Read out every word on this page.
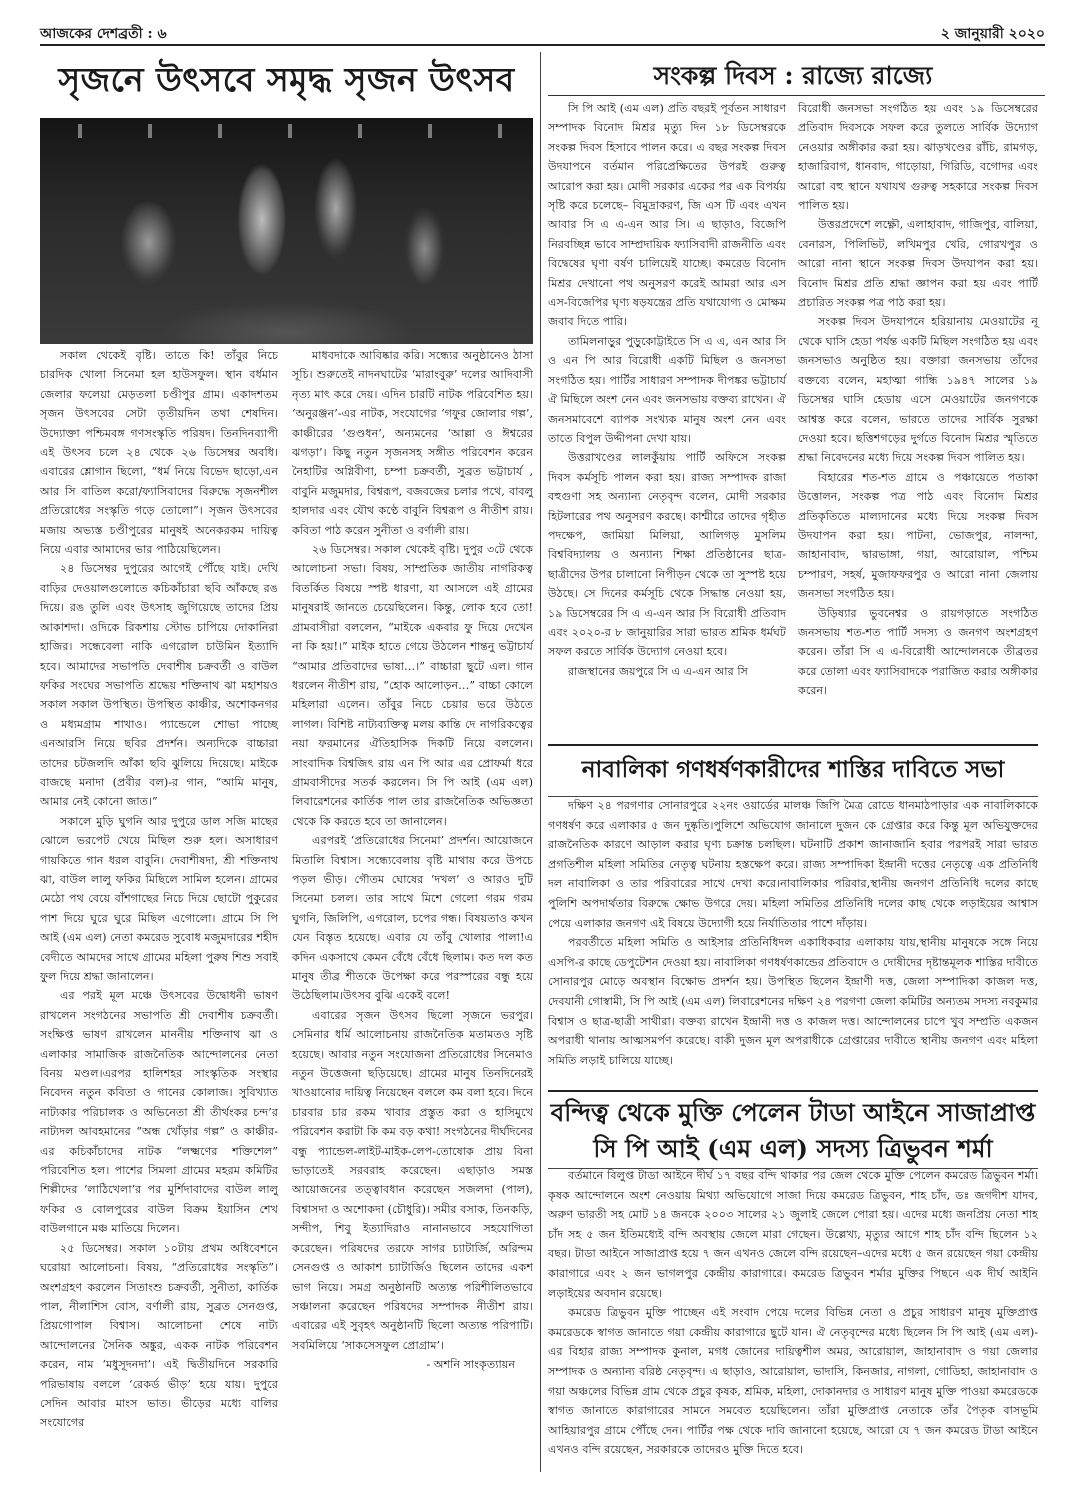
আজকের দেশব্রতী : ৬	২ জানুয়ারী ২০২০
সৃজনে উৎসবে সমৃদ্ধ সৃজন উৎসব

সকাল থেকেই বৃষ্টি। তাতে কি! তাঁবুর নিচে চারদিক খোলা সিনেমা হল হাউসফুল। স্থান বর্ধমান জেলার ফলেয়া মেড়তলা চণ্ডীপুর গ্রাম। একাদশতম সৃজন উৎসবের সেটা তৃতীয়দিন তথা শেষদিন। উদ্যোক্তা পশ্চিমবঙ্গ গণসংস্কৃতি পরিষদ। তিনদিনব্যাপী এই উৎসব চলে ২৪ থেকে ২৬ ডিসেম্বর অবধি। এবারের শ্লোগান ছিলো, “ধর্ম নিয়ে বিভেদ ছাড়ো,এন আর সি বাতিল করো/ফ্যাসিবাদের বিরুদ্ধে সৃজনশীল প্রতিরোধের সংস্কৃতি গড়ে তোলো”। সৃজন উৎসবের মজায় অভ্যস্ত চণ্ডীপুরের মানুষই অনেকরকম দায়িত্ব নিয়ে এবার আমাদের ভার পাঠিয়েছিলেন।

২৪ ডিসেম্বর দুপুরের আগেই পৌঁছে যাই। দেখি বাড়ির দেওয়ালগুলোতে কচিকাঁচারা ছবি আঁকছে রঙ দিয়ে। রঙ তুলি এবং উৎসাহ জুগিয়েছে তাদের প্রিয় আকাশদা। ওদিকে রিকশায় স্টোভ চাপিয়ে দোকানিরা হাজির। সন্ধেবেলা নাকি এগরোল চাউমিন ইত্যাদি হবে। আমাদের সভাপতি দেবাশীষ চক্রবর্তী ও বাউল ফকির সংঘের সভাপতি শ্রদ্ধেয় শক্তিনাথ ঝা মহাশয়ও সকাল সকাল উপস্থিত। উপস্থিত কাঞ্চীর, অশোকনগর ও মধ্যমগ্রাম শাখাও। প্যান্ডেলে শোভা পাচ্ছে এনআরসি নিয়ে ছবির প্রদর্শন। অন্যদিকে বাচ্চারা তাদের চটজলদি আঁকা ছবি ঝুলিয়ে দিয়েছে। মাইকে বাজছে মনাদা (প্রবীর বল)-র গান, “আমি মানুষ, আমার নেই কোনো জাত।”

সকালে মুড়ি ঘুগনি আর দুপুরে ডাল সজি মাছের ঝোলে ভরপেট খেয়ে মিছিল শুরু হল। অসাধারণ গায়কিতে গান ধরল বাবুনি। দেবাশীষদা, শ্রী শক্তিনাথ ঝা, বাউল লালু ফকির মিছিলে সামিল হলেন। গ্রামের মেঠো পথ বেয়ে বাঁশগাছের নিচে দিয়ে ছোটো পুকুরের পাশ দিয়ে ঘুরে ঘুরে মিছিল এগোলো। গ্রামে সি পি আই (এম এল) নেতা কমরেড সুবোধ মজুমদারের শহীদ বেদীতে আমদের সাথে গ্রামের মহিলা পুরুষ শিশু সবাই ফুল দিয়ে শ্রদ্ধা জানালেন।

এর পরই মূল মঞ্চে উৎসবের উদ্বোধনী ভাষণ রাখলেন সংগঠনের সভাপতি শ্রী দেবাশীষ চক্রবর্তী। সংক্ষিপ্ত ভাষণ রাখলেন মাননীয় শক্তিনাথ ঝা ও এলাকার সামাজিক রাজনৈতিক আন্দোলনের নেতা বিনয় মণ্ডল।এরপর হালিশহর সাংস্কৃতিক সংস্থার নিবেদন নতুন কবিতা ও গানের কোলাজ। সুবিখ্যাত নাট্যকার পরিচালক ও অভিনেতা শ্রী তীর্থংকর চন্দ’র নাট্যদল আবহমানের “অন্ধ খোঁড়ার গল্প” ও কাঞ্চীর-এর কচিকাঁচাদের নাটক “লক্ষ্মণের শক্তিশেল” পরিবেশিত হল। পাশের সিমলা গ্রামের মহরম কমিটির শিল্পীদের ‘লাঠিখেলা’র পর মুর্শিদাবাদের বাউল লালু ফকির ও বোলপুরের বাউল বিক্রম ইয়াসিন শেখ বাউলগানে মঞ্চ মাতিয়ে দিলেন।

২৫ ডিসেম্বর। সকাল ১০টায় প্রথম অধিবেশনে ঘরোয়া আলোচনা। বিষয়, “প্রতিরোধের সংস্কৃতি”। অংশগ্রহণ করলেন সিতাংশু চক্রবর্তী, সুনীতা, কার্তিক পাল, নীলাশিস বোস, বর্ণালী রায়, সুব্রত সেনগুপ্ত, প্রিয়গোপাল বিশ্বাস। আলোচনা শেষে নাট্য আন্দোলনের সৈনিক অঙ্কুর, একক নাটক পরিবেশন করেন, নাম ‘মধুসূদনদা’। এই দ্বিতীয়দিনে সরকারি পরিভাষায় বললে ‘রেকর্ড ভীড়’ হয়ে যায়। দুপুরে সেদিন আবার মাংস ভাত। ভীড়ের মধ্যে বালির সংযোগের

মাধবদাকে আবিষ্কার করি। সন্ধ্যের অনুষ্ঠানেও ঠাসা সূচি। শুরুতেই নাদনঘাটের ‘মারাংবুরু’ দলের আদিবাসী নৃত্য মাৎ করে দেয়। এদিন চারটি নাটক পরিবেশিত হয়। ‘অনুরঞ্জন’-এর নাটক, সংযোগের ‘গফুর জোলার গল্প’, কাঞ্চীরের ‘গুণ্ডধন’, অন্যমনের ‘আল্লা ও ঈশ্বরের ঝগড়া’। কিছু নতুন সৃজনসহ সঙ্গীত পরিবেশন করেন নৈহাটির অগ্নিবীণা, চম্পা চক্রবর্তী, সুব্রত ভট্টাচার্য , বাবুনি মজুমদার, বিশ্বরূপ, বজবজের চলার পথে, বাবলু হালদার এবং যৌথ কণ্ঠে বাবুনি বিশ্বরূপ ও নীতীশ রায়। কবিতা পাঠ করেন সুনীতা ও বর্ণালী রায়।

২৬ ডিসেম্বর। সকাল থেকেই বৃষ্টি। দুপুর ৩টে থেকে আলোচনা সভা। বিষয়, সাম্প্রতিক জাতীয় নাগরিকত্ব বিতর্কিত বিষয়ে স্পষ্ট ধারণা, যা আসলে এই গ্রামের মানুষরাই জানতে চেয়েছিলেন। কিন্তু, লোক হবে তো! গ্রামবাসীরা বললেন, “মাইকে একবার ফু দিয়ে দেখেন না কি হয়!।” মাইক হাতে গেয়ে উঠলেন শান্তনু ভট্টাচার্য “আমার প্রতিবাদের ভাষা…।” বাচ্চারা ছুটে এল। গান ধরলেন নীতীশ রায়, “হোক আলোড়ন…” বাচ্চা কোলে মহিলারা এলেন। তাঁবুর নিচে চেয়ার ভরে উঠতে লাগল। বিশিষ্ট নাট্যব্যক্তিত্ব মলয় কান্তি দে নাগরিকত্বের নয়া ফরমানের ঐতিহাসিক দিকটি নিয়ে বললেন। সাংবাদিক বিশ্বজিৎ রায় এন পি আর এর প্রোফর্মা ধরে গ্রামবাসীদের সতর্ক করলেন। সি পি আই (এম এল) লিবারেশনের কার্তিক পাল তার রাজনৈতিক অভিজ্ঞতা থেকে কি করতে হবে তা জানালেন।

এরপরই ‘প্রতিরোধের সিনেমা’ প্রদর্শন। আয়োজনে মিতালি বিশ্বাস। সন্ধ্যেবেলায় বৃষ্টি মাথায় করে উপচে পড়ল ভীড়। গৌতম ঘোষের ‘দখল’ ও আরও দুটি সিনেমা চলল। তার সাথে মিশে গেলো গরম গরম ঘুগনি, জিলিপি, এগরোল, চপের গন্ধ। বিষয়তাও কখন যেন বিস্তৃত হয়েছে। এবার যে তাঁবু খোলার পালা!এ কদিন একসাথে কেমন বেঁধে বেঁধে ছিলাম। কত দল কত মানুষ তীব্র শীতকে উপেক্ষা করে পরস্পরের বন্ধু হয়ে উঠেছিলাম।উৎসব বুঝি একেই বলে!

এবারের সৃজন উৎসব ছিলো সৃজনে ভরপুর। সেমিনার ধর্মি আলোচনায় রাজনৈতিক মতামতও সৃষ্টি হয়েছে। আবার নতুন সংযোজনা প্রতিরোধের সিনেমাও নতুন উত্তেজনা ছড়িয়েছে। গ্রামের মানুষ তিনদিনেরই খাওয়ানোর দায়িত্ব নিয়েছেন বললে কম বলা হবে। দিনে চারবার চার রকম খাবার প্রস্তুত করা ও হাসিমুখে পরিবেশন করাটা কি কম বড় কথা! সংগঠনের দীর্ঘদিনের বন্ধু প্যান্ডেল-লাইট-মাইক-লেপ-তোষোক প্রায় বিনা ভাড়াতেই সরবরাহ করেছেন। এছাড়াও সমস্ত আয়োজনের তত্ত্বাবধান করেছেন সজলদা (পাল), বিশ্বাসদা ও অশোকদা (চৌধুরি)। সমীর বসাক, তিনকড়ি, সন্দীপ, শিবু ইত্যাদিরাও নানানভাবে সহযোগিতা করেছেন। পরিষদের তরফে সাগর চ্যাটার্জি, অরিন্দম সেনগুপ্ত ও আকাশ চ্যাটার্জিও ছিলেন তাদের একশ ভাগ নিয়ে। সমগ্র অনুষ্ঠানটি অত্যন্ত পরিশীলিতভাবে সঞ্চালনা করেছেন পরিষদের সম্পাদক নীতীশ রায়। এবারের এই সুবৃহৎ অনুষ্ঠানটি ছিলো অত্যন্ত পরিপাটি। সবমিলিয়ে ‘সাকসেসফুল প্রোগ্রাম’।

- অশনি সাংকৃত্যায়ন
সংকল্প দিবস : রাজ্যে রাজ্যে

সি পি আই (এম এল) প্রতি বছরই পূর্বতন সাধারণ সম্পাদক বিনোদ মিশ্রর মৃত্যু দিন ১৮ ডিসেম্বরকে সংকল্প দিবস হিসাবে পালন করে। এ বছর সংকল্প দিবস উদযাপনে বর্তমান পরিপ্রেক্ষিতের উপরই গুরুত্ব আরোপ করা হয়। মোদী সরকার একের পর এক বিপর্যয় সৃষ্টি করে চলেছে– বিমুদ্রাকরণ, জি এস টি এবং এখন আবার সি এ এ-এন আর সি। এ ছাড়াও, বিজেপি নিরবচ্ছিন্ন ভাবে সাম্প্রদায়িক ফ্যাসিবাদী রাজনীতি এবং বিদ্বেষের ঘৃণা বর্ষণ চালিয়েই যাচ্ছে। কমরেড বিনোদ মিশ্রর দেখানো পথ অনুসরণ করেই আমরা আর এস এস-বিজেপির ঘৃণ্য ষড়যন্ত্রের প্রতি যথাযোগ্য ও মোক্ষম জবাব দিতে পারি।

তামিলনাড়ুর পুড়ুকোট্টাইতে সি এ এ, এন আর সি ও এন পি আর বিরোধী একটি মিছিল ও জনসভা সংগঠিত হয়। পার্টির সাধারণ সম্পাদক দীপঙ্কর ভট্টাচার্য ঐ মিছিলে অংশ নেন এবং জনসভায় বক্তব্য রাখেন। ঐ জনসমাবেশে ব্যাপক সংখ্যক মানুষ অংশ নেন এবং তাতে বিপুল উদ্দীপনা দেখা যায়।

উত্তরাখণ্ডের লালকুঁয়ায় পার্টি অফিসে সংকল্প দিবস কর্মসূচি পালন করা হয়। রাজ্য সম্পাদক রাজা বহুগুণা সহ অন্যান্য নেতৃবৃন্দ বলেন, মোদী সরকার হিটলারের পথ অনুসরণ করছে। কাশ্মীরে তাদের গৃহীত পদক্ষেপ, জামিয়া মিলিয়া, আলিগড় মুসলিম বিশ্ববিদ্যালয় ও অন্যান্য শিক্ষা প্রতিষ্ঠানের ছাত্র-ছাত্রীদের উপর চালানো নিপীড়ন থেকে তা সুস্পষ্ট হয়ে উঠছে। সে দিনের কর্মসূচি থেকে সিদ্ধান্ত নেওয়া হয়, ১৯ ডিসেম্বরের সি এ এ-এন আর সি বিরোধী প্রতিবাদ এবং ২০২০-র ৮ জানুয়ারির সারা ভারত শ্রমিক ধর্মঘট সফল করতে সার্বিক উদ্যোগ নেওয়া হবে।

রাজস্থানের জয়পুরে সি এ এ-এন আর সি

বিরোধী জনসভা সংগঠিত হয় এবং ১৯ ডিসেম্বরের প্রতিবাদ দিবসকে সফল করে তুলতে সার্বিক উদ্যোগ নেওয়ার অঙ্গীকার করা হয়। ঝাড়খণ্ডের রাঁচি, রামগড়, হাজারিবাগ, ধানবাদ, গাড়োয়া, গিরিডি, বগোদর এবং আরো বহু স্থানে যথাযথ গুরুত্ব সহকারে সংকল্প দিবস পালিত হয়।

উত্তরপ্রদেশে লক্ষ্ণৌ, এলাহাবাদ, গাজিপুর, বালিয়া, বেনারস, পিলিভিট, লখিমপুর খেরি, গোরখপুর ও আরো নানা স্থানে সংকল্প দিবস উদযাপন করা হয়। বিনোদ মিশ্রর প্রতি শ্রদ্ধা জ্ঞাপন করা হয় এবং পার্টি প্রচারিত সংকল্প পত্র পাঠ করা হয়।

সংকল্প দিবস উদযাপনে হরিয়ানায় মেওয়াটের নূ থেকে ঘাসি হেডা পর্যন্ত একটি মিছিল সংগঠিত হয় এবং জনসভাও অনুষ্ঠিত হয়। বক্তারা জনসভায় তাঁদের বক্তব্যে বলেন, মহাত্মা গান্ধি ১৯৪৭ সালের ১৯ ডিসেম্বর ঘাসি হেডায় এসে মেওয়াটের জনগণকে আশ্বস্ত করে বলেন, ভারতে তাদের সার্বিক সুরক্ষা দেওয়া হবে। ছত্তিশগড়ের দুর্গতে বিনোদ মিশ্রর স্মৃতিতে শ্রদ্ধা নিবেদনের মধ্যে দিয়ে সংকল্প দিবস পালিত হয়।

বিহারের শত-শত গ্রামে ও পঞ্চায়েতে পতাকা উত্তোলন, সংকল্প পত্র পাঠ এবং বিনোদ মিশ্রর প্রতিকৃতিতে মাল্যদানের মধ্যে দিয়ে সংকল্প দিবস উদযাপন করা হয়। পাটনা, ভোজপুর, নালন্দা, জাহানাবাদ, দ্বারভাঙ্গা, গয়া, আরোয়াল, পশ্চিম চম্পারণ, সহর্ষ, মুজাফফরপুর ও আরো নানা জেলায় জনসভা সংগঠিত হয়।

উড়িষ্যার ভুবনেশ্বর ও রায়গড়াতে সংগঠিত জনসভায় শত-শত পার্টি সদস্য ও জনগণ অংশগ্রহণ করেন। তাঁরা সি এ এ-বিরোধী আন্দোলনকে তীব্রতর করে তোলা এবং ফ্যাসিবাদকে পরাজিত করার অঙ্গীকার করেন।

নাবালিকা গণধর্ষণকারীদের শাস্তির দাবিতে সভা

দক্ষিণ ২৪ পরগণার সোনারপুরে ২২নং ওয়ার্ডের মালঞ্চ জিপি মৈত্র রোডে ধানমাঠপাড়ার এক নাবালিকাকে গণধর্ষণ করে এলাকার ৫ জন দুষ্কৃতি।পুলিশে অভিযোগ জানালে দুজন কে গ্রেপ্তার করে কিন্তু মূল অভিযুক্তদের রাজনৈতিক কারণে আড়াল করার ঘৃণ্য চক্রান্ত চলছিল। ঘটনাটি প্রকাশ জানাজানি হবার পরপরই সারা ভারত প্রগতিশীল মহিলা সমিতির নেতৃত্ব ঘটনায় হস্তক্ষেপ করে। রাজ্য সম্পাদিকা ইন্দ্রানী দত্তের নেতৃত্বে এক প্রতিনিধি দল নাবালিকা ও তার পরিবারের সাথে দেখা করে।নাবালিকার পরিবার,স্থানীয় জনগণ প্রতিনিধি দলের কাছে পুলিশি অপদার্থতার বিরুদ্ধে ক্ষোভ উগরে দেয়। মহিলা সমিতির প্রতিনিধি দলের কাছ থেকে লড়াইয়ের আশ্বাস পেয়ে এলাকার জনগণ এই বিষয়ে উদ্যোগী হয়ে নির্যাতিতার পাশে দাঁড়ায়।

পরবর্তীতে মহিলা সমিতি ও আইসার প্রতিনিধিদল একাধিকবার এলাকায় যায়,স্থানীয় মানুষকে সঙ্গে নিয়ে এসপি-র কাছে ডেপুটেশন দেওয়া হয়। নাবালিকা গণধর্ষণকান্ডের প্রতিবাদে ও দোষীদের দৃষ্টান্তমূলক শাস্তির দাবীতে সোনারপুর মোড়ে অবস্থান বিক্ষোভ প্রদর্শন হয়। উপস্থিত ছিলেন ইন্দ্রাণী দত্ত, জেলা সম্পাদিকা কাজল দত্ত, দেবযানী গোস্বামী, সি পি আই (এম এল) লিবারেশনের দক্ষিণ ২৪ পরগণা জেলা কমিটির অন্যতম সদস্য নবকুমার বিশ্বাস ও ছাত্র-ছাত্রী সাথীরা। বক্তব্য রাখেন ইন্দ্রানী দত্ত ও কাজল দত্ত। আন্দোলনের চাপে খুব সম্প্রতি একজন অপরাধী থানায় আত্মসমর্পণ করেছে। বাকী দুজন মূল অপরাধীকে গ্রেপ্তারের দাবীতে স্থানীয় জনগণ এবং মহিলা সমিতি লড়াই চালিয়ে যাচ্ছে।

বন্দিত্ব থেকে মুক্তি পেলেন টাডা আইনে সাজাপ্রাপ্ত
সি পি আই (এম এল) সদস্য ত্রিভুবন শর্মা

বর্তমানে বিলুপ্ত টাডা আইনে দীর্ঘ ১৭ বছর বন্দি থাকার পর জেল থেকে মুক্তি পেলেন কমরেড ত্রিভুবন শর্মা। কৃষক আন্দোলনে অংশ নেওয়ায় মিথ্যা অভিযোগে সাজা দিয়ে কমরেড ত্রিভুবন, শাহ চাঁদ, ডঃ জগদীশ যাদব, অরুণ ভারতী সহ মোট ১৪ জনকে ২০০৩ সালের ২১ জুলাই জেলে পোরা হয়। এদের মধ্যে জনপ্রিয় নেতা শাহ চাঁদ সহ ৫ জন ইতিমধ্যেই বন্দি অবস্থায় জেলে মারা গেছেন। উল্লেখ্য, মৃত্যুর আগে শাহ চাঁদ বন্দি ছিলেন ১২ বছর। টাডা আইনে সাজাপ্রাপ্ত হয়ে ৭ জন এখনও জেলে বন্দি রয়েছেন–এদের মধ্যে ৫ জন রয়েছেন গয়া কেন্দ্রীয় কারাগারে এবং ২ জন ভাগলপুর কেন্দ্রীয় কারাগারে। কমরেড ত্রিভুবন শর্মার মুক্তির পিছনে এক দীর্ঘ আইনি লড়াইয়ের অবদান রয়েছে।

কমরেড ত্রিভুবন মুক্তি পাচ্ছেন এই সংবাদ পেয়ে দলের বিভিন্ন নেতা ও প্রচুর সাধারণ মানুষ মুক্তিপ্রাপ্ত কমরেডকে স্বাগত জানাতে গয়া কেন্দ্রীয় কারাগারে ছুটে যান। ঐ নেতৃবৃন্দের মধ্যে ছিলেন সি পি আই (এম এল)-এর বিহার রাজ্য সম্পাদক কুনাল, মগধ জোনের দায়িত্বশীল অমর, আরোয়াল, জাহানাবাদ ও গয়া জেলার সম্পাদক ও অন্যান্য বরিষ্ঠ নেতৃবৃন্দ। এ ছাড়াও, আরোয়াল, ভাদাসি, কিনজার, নাগলা, গোডিহা, জাহানাবাদ ও গয়া অঞ্চলের বিভিন্ন গ্রাম থেকে প্রচুর কৃষক, শ্রমিক, মহিলা, দোকানদার ও সাধারণ মানুষ মুক্তি পাওয়া কমরেডকে স্বাগত জানাতে কারাগারের সামনে সমবেত হয়েছিলেন। তাঁরা মুক্তিপ্রাপ্ত নেতাকে তাঁর পৈতৃক বাসভূমি আহিয়ারপুর গ্রামে পৌঁছে দেন। পার্টির পক্ষ থেকে দাবি জানানো হয়েছে, আরো যে ৭ জন কমরেড টাডা আইনে এখনও বন্দি রয়েছেন, সরকারকে তাদেরও মুক্তি দিতে হবে।
